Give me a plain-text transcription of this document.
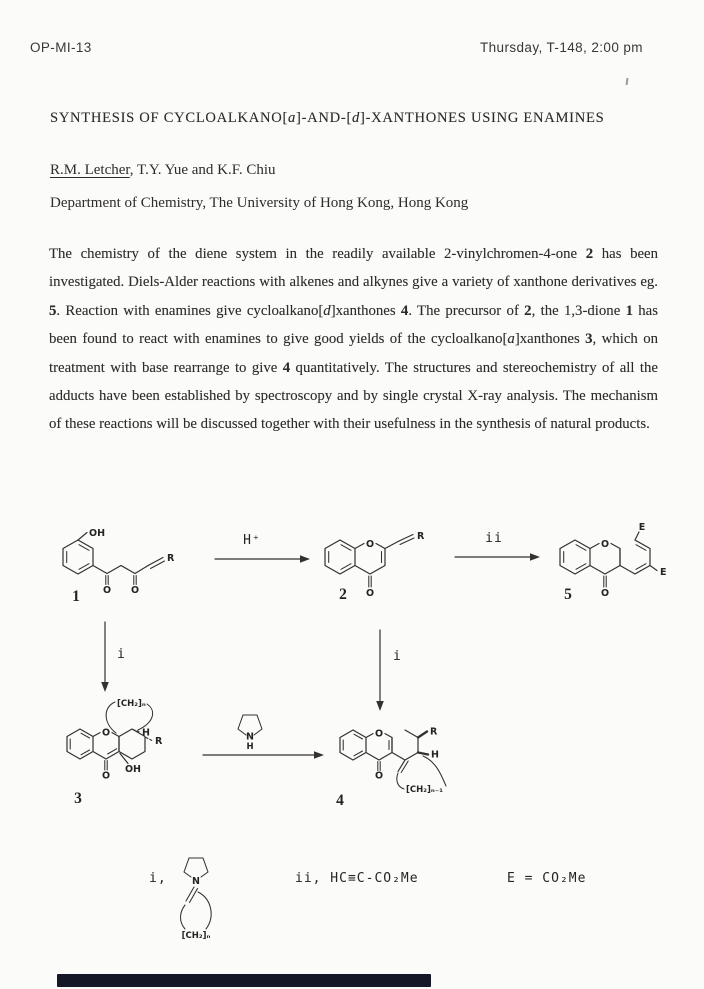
OP-MI-13	Thursday, T-148, 2:00 pm
SYNTHESIS OF CYCLOALKANO[a]-AND-[d]-XANTHONES USING ENAMINES
R.M. Letcher, T.Y. Yue and K.F. Chiu
Department of Chemistry, The University of Hong Kong, Hong Kong

The chemistry of the diene system in the readily available 2-vinylchromen-4-one 2 has been investigated. Diels-Alder reactions with alkenes and alkynes give a variety of xanthone derivatives eg. 5. Reaction with enamines give cycloalkano[d]xanthones 4. The precursor of 2, the 1,3-dione 1 has been found to react with enamines to give good yields of the cycloalkano[a]xanthones 3, which on treatment with base rearrange to give 4 quantitatively. The structures and stereochemistry of all the adducts have been established by spectroscopy and by single crystal X-ray analysis. The mechanism of these reactions will be discussed together with their usefulness in the synthesis of natural products.

OH
O O
R
1
H⁺	O
O
R
2
ii	O
O
E
E
5
i	i
O
O
OH
H
R
[CH₂]ₙ
3
N
H
O
O
R
H
[CH₂]ₙ₋₁
4
i,	N
[CH₂]ₙ
ii, HC≡C-CO₂Me	E = CO₂Me
